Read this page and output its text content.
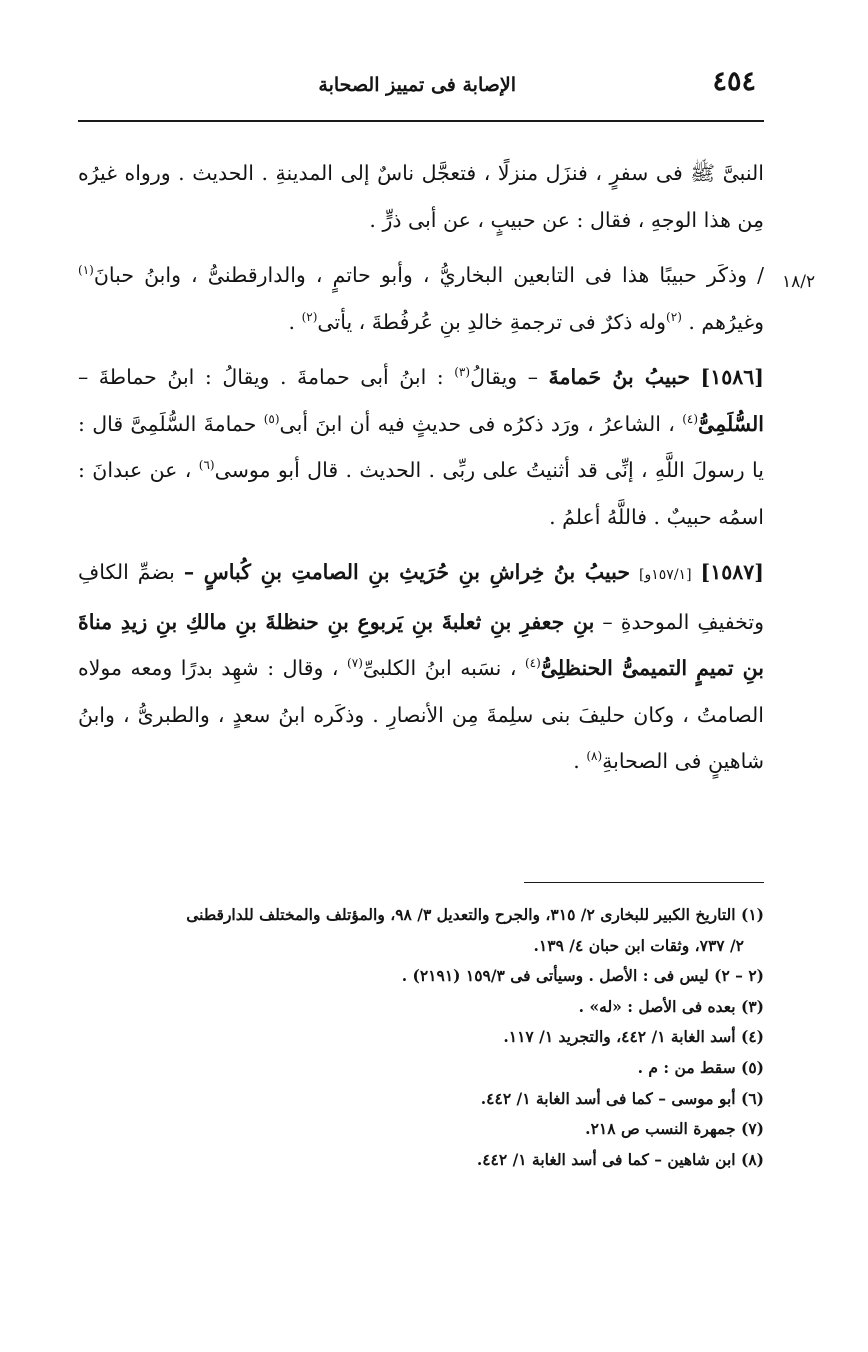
٤٥٤
الإصابة فى تمييز الصحابة
١٨/٢

النبىَّ ﷺ فى سفرٍ ، فنزَل منزلًا ، فتعجَّل ناسٌ إلى المدينةِ . الحديث . ورواه غيرُه مِن هذا الوجهِ ، فقال : عن حبيبٍ ، عن أبى ذرٍّ .

/ وذكَر حبيبًا هذا فى التابعين البخاريُّ ، وأبو حاتمٍ ، والدارقطنىُّ ، وابنُ حبانَ$^{(١)}$ وغيرُهم . $^{(٢)}$وله ذكرٌ فى ترجمةِ خالدِ بنِ عُرفُطةَ ، يأتى$^{(٢)}$ .

[١٥٨٦] حبيبُ بنُ حَمامةَ – ويقالُ$^{(٣)}$ : ابنُ أبى حمامةَ . ويقالُ : ابنُ حماطةَ – السُّلَمِىُّ$^{(٤)}$ ، الشاعرُ ، ورَد ذكرُه فى حديثٍ فيه أن ابنَ أبى$^{(٥)}$ حمامةَ السُّلَمِىَّ قال : يا رسولَ اللَّهِ ، إنِّى قد أثنيتُ على ربِّى . الحديث . قال أبو موسى$^{(٦)}$ ، عن عبدانَ : اسمُه حبيبٌ . فاللَّهُ أعلمُ .

[١٥٨٧] [١٥٧/١و] حبيبُ بنُ خِراشِ بنِ حُرَيثِ بنِ الصامتِ بنِ كُباسٍ – بضمِّ الكافِ وتخفيفِ الموحدةِ – بنِ جعفرِ بنِ ثعلبةَ بنِ يَربوعِ بنِ حنظلةَ بنِ مالكِ بنِ زيدِ مناةَ بنِ تميمٍ التميمىُّ الحنظلِىُّ$^{(٤)}$ ، نسَبه ابنُ الكلبىِّ$^{(٧)}$ ، وقال : شهِد بدرًا ومعه مولاه الصامتُ ، وكان حليفَ بنى سلِمةَ مِن الأنصارِ . وذكَره ابنُ سعدٍ ، والطبرىُّ ، وابنُ شاهينٍ فى الصحابةِ$^{(٨)}$ .

(١) التاريخ الكبير للبخارى ٢/ ٣١٥، والجرح والتعديل ٣/ ٩٨، والمؤتلف والمختلف للدارقطنى
٢/ ٧٣٧، وثقات ابن حبان ٤/ ١٣٩.

(٢ – ٢) ليس فى : الأصل . وسيأتى فى ١٥٩/٣ (٢١٩١) .

(٣) بعده فى الأصل : «له» .

(٤) أسد الغابة ١/ ٤٤٢، والتجريد ١/ ١١٧.

(٥) سقط من : م .

(٦) أبو موسى – كما فى أسد الغابة ١/ ٤٤٢.

(٧) جمهرة النسب ص ٢١٨.

(٨) ابن شاهين – كما فى أسد الغابة ١/ ٤٤٢.
